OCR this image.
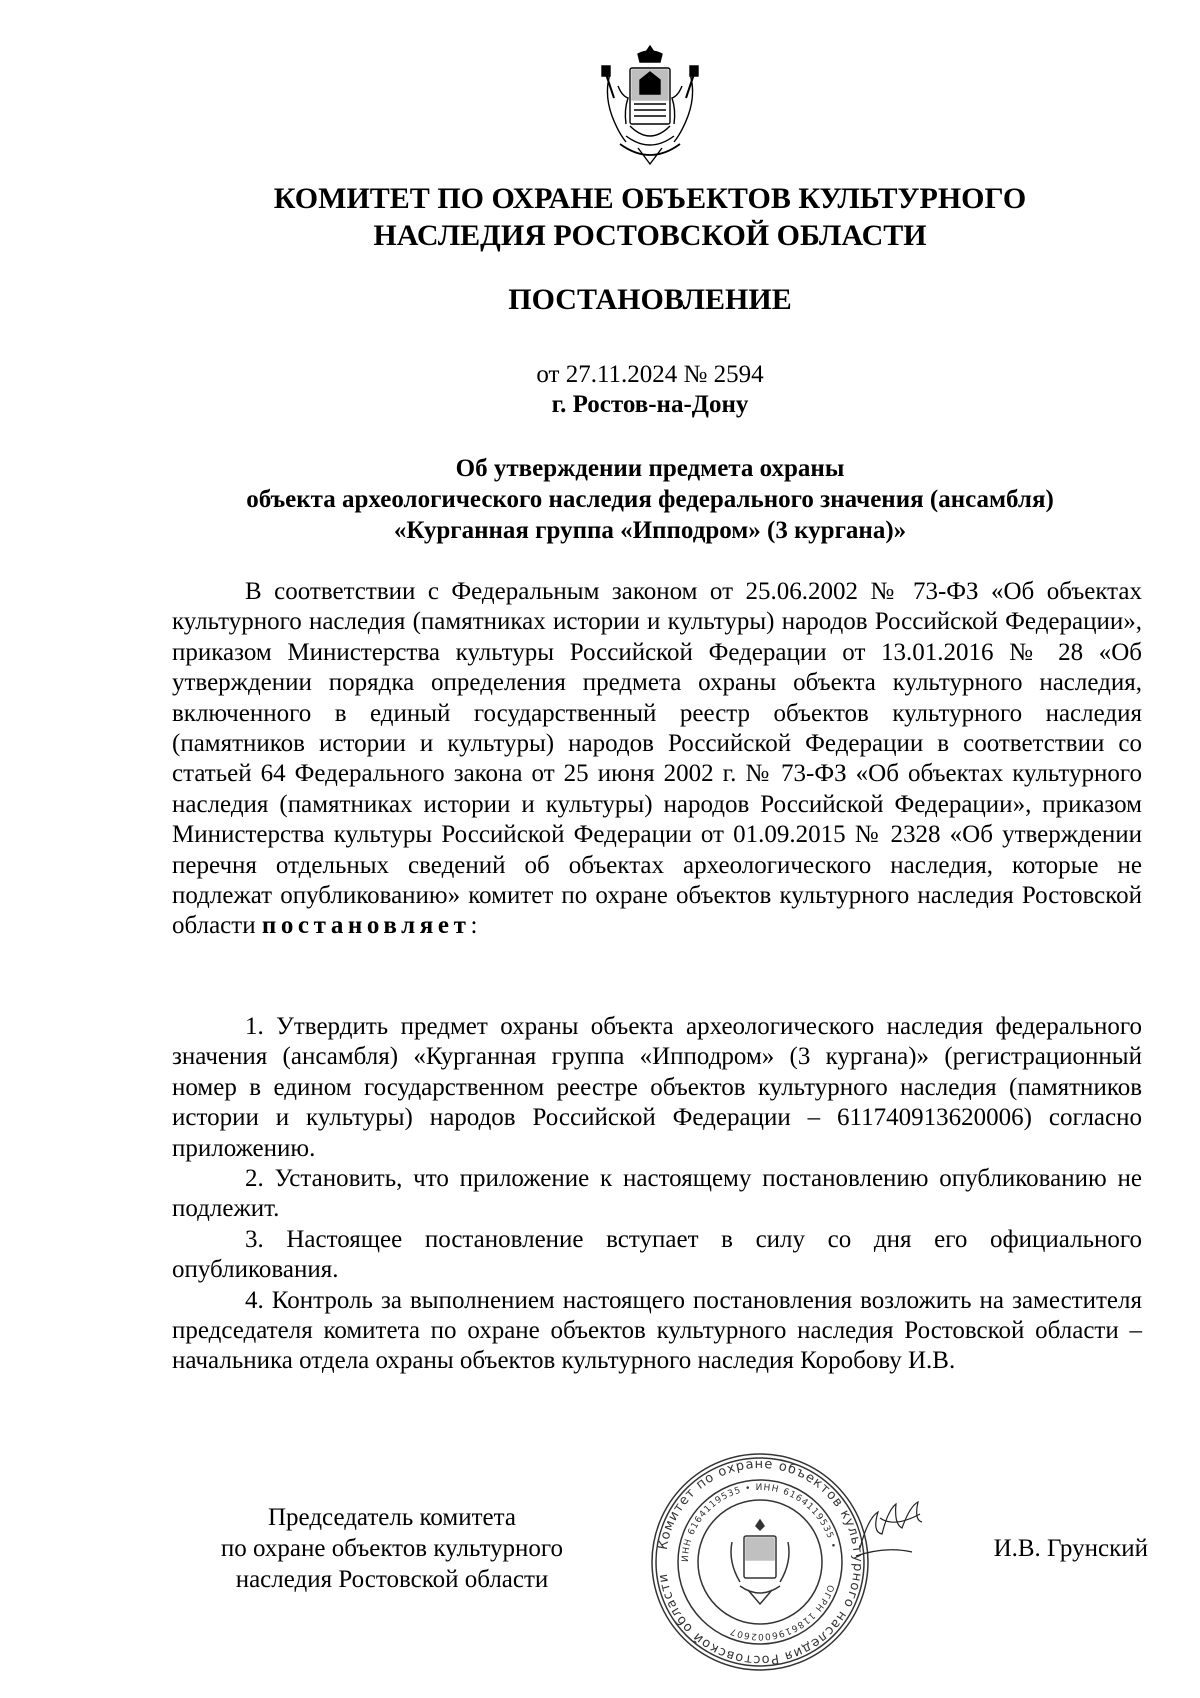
КОМИТЕТ ПО ОХРАНЕ ОБЪЕКТОВ КУЛЬТУРНОГО
НАСЛЕДИЯ РОСТОВСКОЙ ОБЛАСТИ
ПОСТАНОВЛЕНИЕ
от 27.11.2024 № 2594
г. Ростов-на-Дону
Об утверждении предмета охраны
объекта археологического наследия федерального значения (ансамбля)
«Курганная группа «Ипподром» (3 кургана)»

В соответствии с Федеральным законом от 25.06.2002 № 73-ФЗ «Об объектах культурного наследия (памятниках истории и культуры) народов Российской Федерации», приказом Министерства культуры Российской Федерации от 13.01.2016 № 28 «Об утверждении порядка определения предмета охраны объекта культурного наследия, включенного в единый государственный реестр объектов культурного наследия (памятников истории и культуры) народов Российской Федерации в соответствии со статьей 64 Федерального закона от 25 июня 2002 г. № 73-ФЗ «Об объектах культурного наследия (памятниках истории и культуры) народов Российской Федерации», приказом Министерства культуры Российской Федерации от 01.09.2015 № 2328 «Об утверждении перечня отдельных сведений об объектах археологического наследия, которые не подлежат опубликованию» комитет по охране объектов культурного наследия Ростовской области постановляет:

1. Утвердить предмет охраны объекта археологического наследия федерального значения (ансамбля) «Курганная группа «Ипподром» (3 кургана)» (регистрационный номер в едином государственном реестре объектов культурного наследия (памятников истории и культуры) народов Российской Федерации – 611740913620006) согласно приложению.

2. Установить, что приложение к настоящему постановлению опубликованию не подлежит.

3. Настоящее постановление вступает в силу со дня его официального опубликования.

4. Контроль за выполнением настоящего постановления возложить на заместителя председателя комитета по охране объектов культурного наследия Ростовской области – начальника отдела охраны объектов культурного наследия Коробову И.В.

Председатель комитета
по охране объектов культурного
наследия Ростовской области
Комитет по охране объектов культурного наследия Ростовской области
ИНН 6164119535 • ИНН 6164119535 •
ОГРН 1186196002607
И.В. Грунский
